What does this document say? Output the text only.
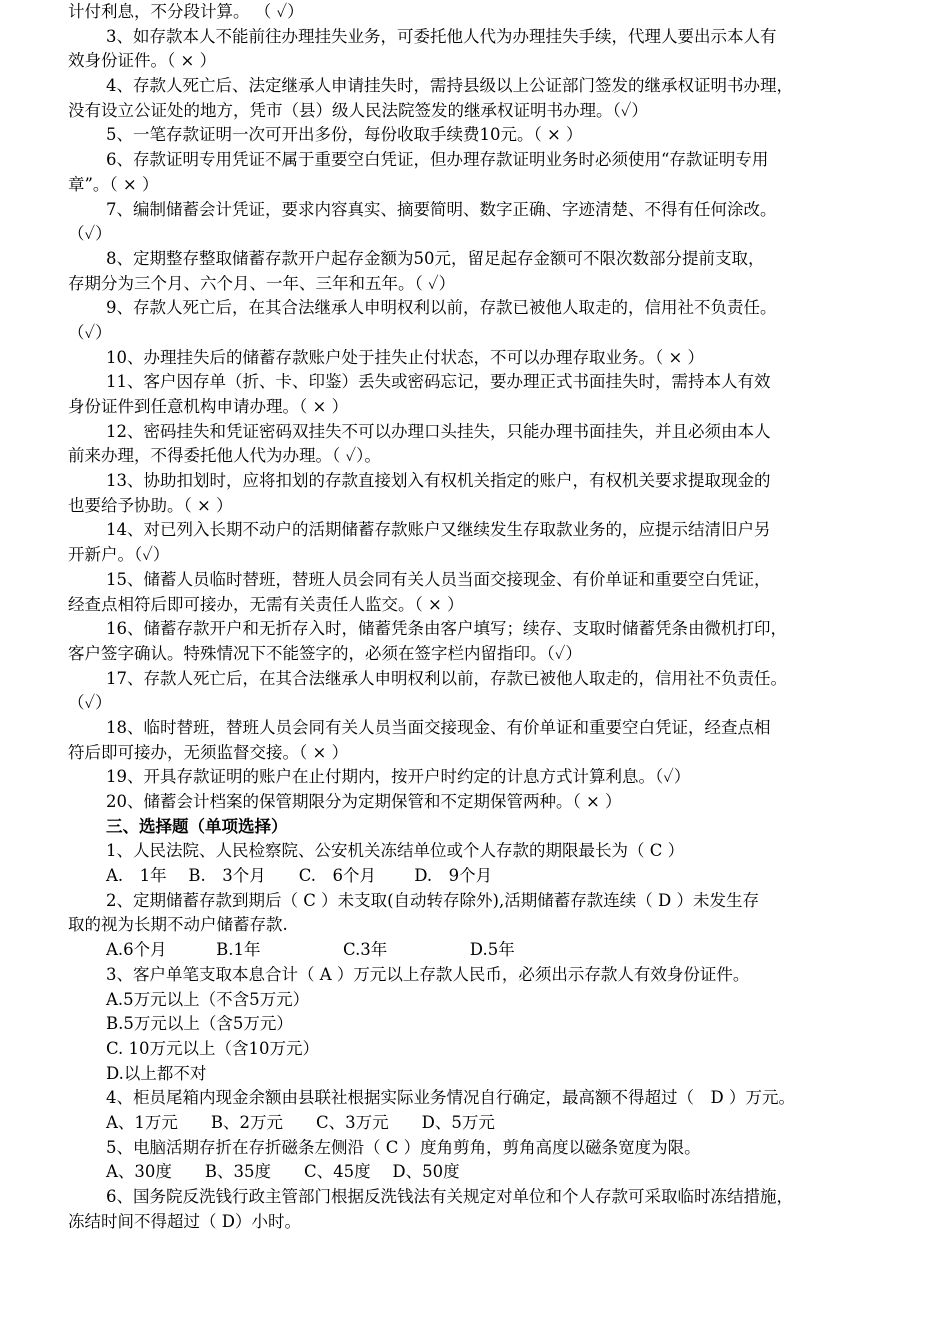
计付利息，不分段计算。 （ ✓）
3、如存款本人不能前往办理挂失业务，可委托他人代为办理挂失手续，代理人要出示本人有
效身份证件。（ × ）
4、存款人死亡后、法定继承人申请挂失时，需持县级以上公证部门签发的继承权证明书办理，
没有设立公证处的地方，凭市（县）级人民法院签发的继承权证明书办理。（✓）
5、一笔存款证明一次可开出多份，每份收取手续费10元。（ × ）
6、存款证明专用凭证不属于重要空白凭证，但办理存款证明业务时必须使用“存款证明专用
章”。（ × ）
7、编制储蓄会计凭证，要求内容真实、摘要简明、数字正确、字迹清楚、不得有任何涂改。
（✓）
8、定期整存整取储蓄存款开户起存金额为50元，留足起存金额可不限次数部分提前支取，
存期分为三个月、六个月、一年、三年和五年。（ ✓）
9、存款人死亡后，在其合法继承人申明权利以前，存款已被他人取走的，信用社不负责任。
（✓）
10、办理挂失后的储蓄存款账户处于挂失止付状态，不可以办理存取业务。（ × ）
11、客户因存单（折、卡、印鉴）丢失或密码忘记，要办理正式书面挂失时，需持本人有效
身份证件到任意机构申请办理。（ × ）
12、密码挂失和凭证密码双挂失不可以办理口头挂失，只能办理书面挂失，并且必须由本人
前来办理，不得委托他人代为办理。（ ✓）。
13、协助扣划时，应将扣划的存款直接划入有权机关指定的账户，有权机关要求提取现金的
也要给予协助。（ × ）
14、对已列入长期不动户的活期储蓄存款账户又继续发生存取款业务的，应提示结清旧户另
开新户。（✓）
15、储蓄人员临时替班，替班人员会同有关人员当面交接现金、有价单证和重要空白凭证，
经查点相符后即可接办，无需有关责任人监交。（ × ）
16、储蓄存款开户和无折存入时，储蓄凭条由客户填写；续存、支取时储蓄凭条由微机打印，
客户签字确认。特殊情况下不能签字的，必须在签字栏内留指印。（✓）
17、存款人死亡后，在其合法继承人申明权利以前，存款已被他人取走的，信用社不负责任。
（✓）
18、临时替班，替班人员会同有关人员当面交接现金、有价单证和重要空白凭证，经查点相
符后即可接办，无须监督交接。（ × ）
19、开具存款证明的账户在止付期内，按开户时约定的计息方式计算利息。（✓）
20、储蓄会计档案的保管期限分为定期保管和不定期保管两种。（ × ）
三、选择题（单项选择）
1、人民法院、人民检察院、公安机关冻结单位或个人存款的期限最长为（ C ）
A.　1年　 B.　3个月　　C.　6个月　　 D.　9个月
2、定期储蓄存款到期后（ C ）未支取(自动转存除外),活期储蓄存款连续（ D ）未发生存
取的视为长期不动户储蓄存款.
A.6个月　　　B.1年　　　　　C.3年　　　　　D.5年
3、客户单笔支取本息合计（ A ）万元以上存款人民币，必须出示存款人有效身份证件。
A.5万元以上（不含5万元）
B.5万元以上（含5万元）
C. 10万元以上（含10万元）
D.以上都不对
4、柜员尾箱内现金余额由县联社根据实际业务情况自行确定，最高额不得超过（　D ）万元。
A、1万元　　B、2万元　　C、3万元　　D、5万元
5、电脑活期存折在存折磁条左侧沿（ C ）度角剪角，剪角高度以磁条宽度为限。
A、30度　　B、35度　　C、45度　 D、50度
6、国务院反洗钱行政主管部门根据反洗钱法有关规定对单位和个人存款可采取临时冻结措施，
冻结时间不得超过（ D）小时。
